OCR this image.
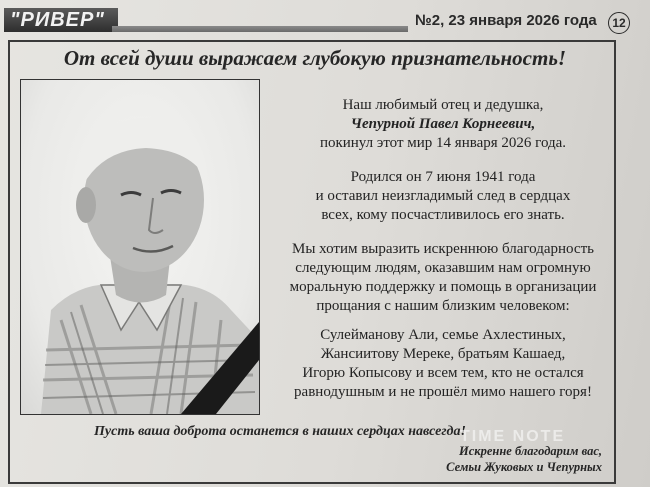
"РИВЕР"	№2, 23 января 2026 года	12
От всей души выражаем глубокую признательность!
Наш любимый отец и дедушка,
Чепурной Павел Корнеевич,
покинул этот мир 14 января 2026 года.
Родился он 7 июня 1941 года
и оставил неизгладимый след в сердцах
всех, кому посчастливилось его знать.
Мы хотим выразить искреннюю благодарность
следующим людям, оказавшим нам огромную
моральную поддержку и помощь в организации
прощания с нашим близким человеком:
Сулейманову Али, семье Ахлестиных,
Жансиитову Мереке, братьям Кашаед,
Игорю Копысову и всем тем, кто не остался
равнодушным и не прошёл мимо нашего горя!
Пусть ваша доброта останется в наших сердцах навсегда!
Искренне благодарим вас,
Семьи Жуковых и Чепурных
TIME NOTE
